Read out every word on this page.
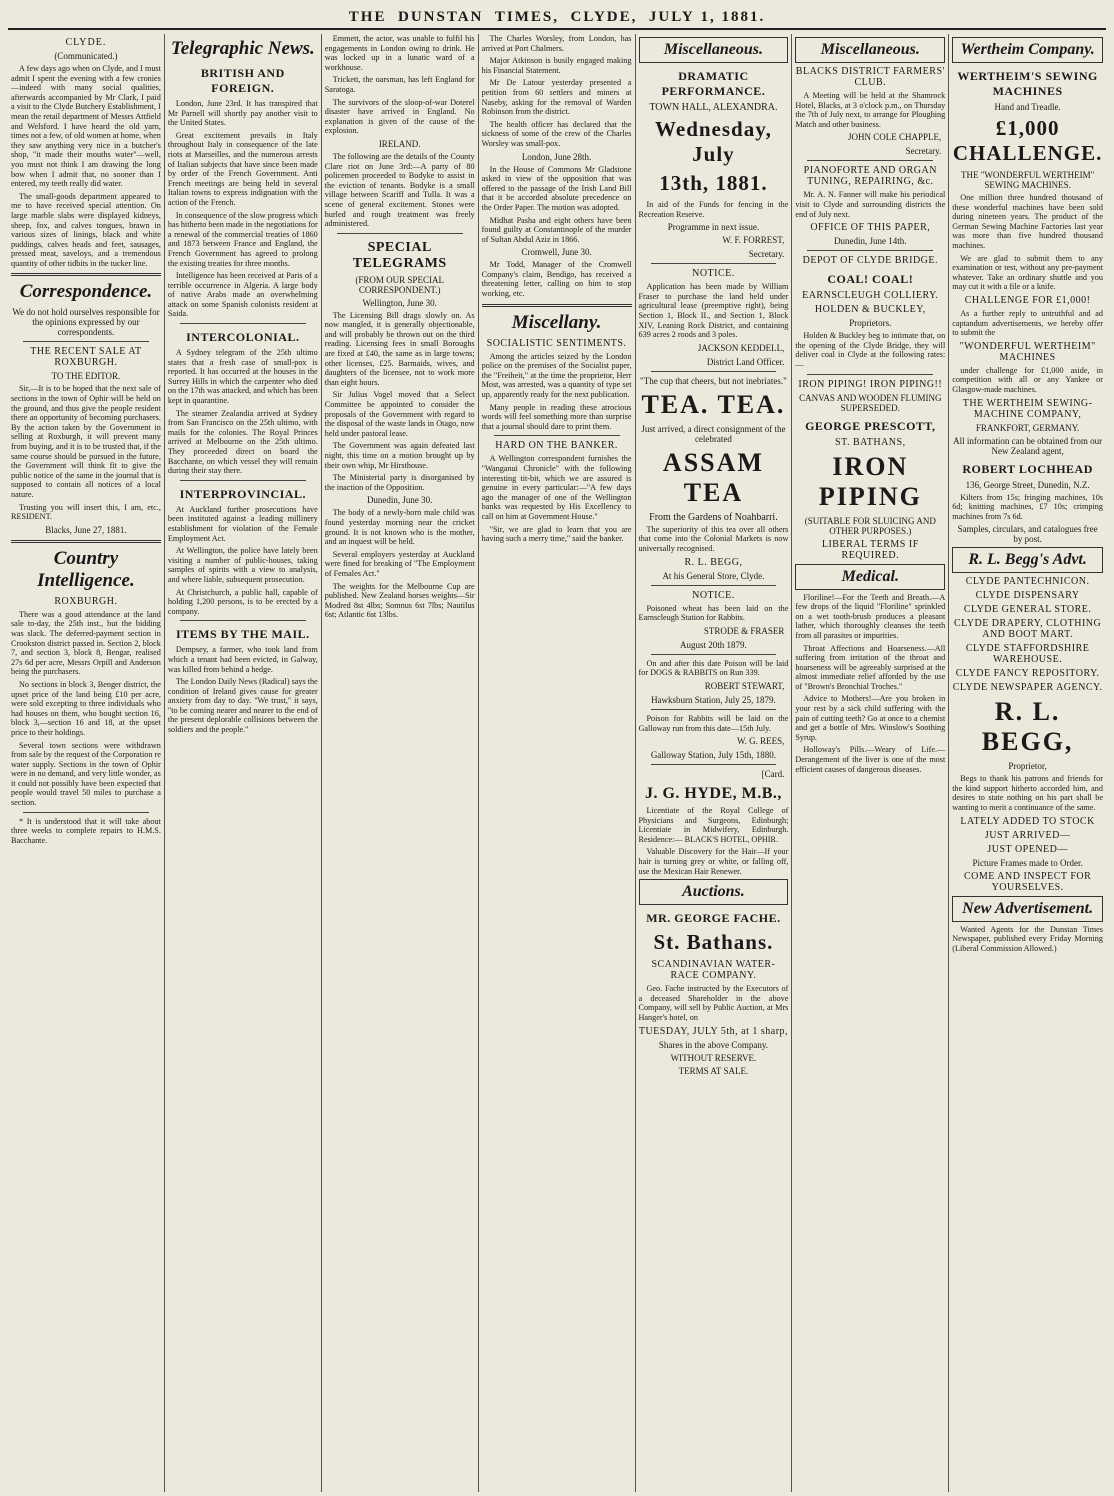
THE
DUNSTAN
TIMES,
CLYDE,
JULY
1,
1881.
CLYDE.
(Communicated.)

A few days ago when on Clyde, and I must admit I spent the evening with a few cronies—indeed with many social qualities, afterwards accompanied by Mr Clark, I paid a visit to the Clyde Butchery Establishment, I mean the retail department of Messrs Attfield and Welsford. I have heard the old yarn, times not a few, of old women at home, when they saw anything very nice in a butcher's shop, "it made their mouths water"—well, you must not think I am drawing the long bow when I admit that, no sooner than I entered, my teeth really did water.

The small-goods department appeared to me to have received special attention. On large marble slabs were displayed kidneys, sheep, fox, and calves tongues, brawn in various sizes of linings, black and white puddings, calves heads and feet, sausages, pressed meat, saveloys, and a tremendous quantity of other tidbits in the tucker line.

Correspondence.
We do not hold ourselves responsible for the opinions expressed by our correspondents.
THE RECENT SALE AT ROXBURGH.
TO THE EDITOR.

Sir,—It is to be hoped that the next sale of sections in the town of Ophir will be held on the ground, and thus give the people resident there an opportunity of becoming purchasers. By the action taken by the Government in selling at Roxburgh, it will prevent many from buying, and it is to be trusted that, if the same course should be pursued in the future, the Government will think fit to give the public notice of the same in the journal that is supposed to contain all notices of a local nature.

Trusting you will insert this, I am, etc., RESIDENT.

Blacks, June 27, 1881.
Country Intelligence.
ROXBURGH.

There was a good attendance at the land sale to-day, the 25th inst., but the bidding was slack. The deferred-payment section in Crookston district passed in. Section 2, block 7, and section 3, block 8, Bengar, realised 27s 6d per acre, Messrs Orpill and Anderson being the purchasers.

No sections in block 3, Benger district, the upset price of the land being £10 per acre, were sold excepting to three individuals who had houses on them, who bought section 16, block 3,—section 16 and 18, at the upset price to their holdings.

Several town sections were withdrawn from sale by the request of the Corporation re water supply. Sections in the town of Ophir were in no demand, and very little wonder, as it could not possibly have been expected that people would travel 50 miles to purchase a section.

* It is understood that it will take about three weeks to complete repairs to H.M.S. Bacchante.

Telegraphic News.
BRITISH AND FOREIGN.

London, June 23rd. It has transpired that Mr Parnell will shortly pay another visit to the United States.

Great excitement prevails in Italy throughout Italy in consequence of the late riots at Marseilles, and the numerous arrests of Italian subjects that have since been made by order of the French Government. Anti French meetings are being held in several Italian towns to express indignation with the action of the French.

In consequence of the slow progress which has hitherto been made in the negotiations for a renewal of the commercial treaties of 1860 and 1873 between France and England, the French Government has agreed to prolong the existing treaties for three months.

Intelligence has been received at Paris of a terrible occurrence in Algeria. A large body of native Arabs made an overwhelming attack on some Spanish colonists resident at Saida.

INTERCOLONIAL.

A Sydney telegram of the 25th ultimo states that a fresh case of small-pox is reported. It has occurred at the houses in the Surrey Hills in which the carpenter who died on the 17th was attacked, and which has been kept in quarantine.

The steamer Zealandia arrived at Sydney from San Francisco on the 25th ultimo, with mails for the colonies. The Royal Princes arrived at Melbourne on the 25th ultimo. They proceeded direct on board the Bacchante, on which vessel they will remain during their stay there.

INTERPROVINCIAL.

At Auckland further prosecutions have been instituted against a leading millinery establishment for violation of the Female Employment Act.

At Wellington, the police have lately been visiting a number of public-houses, taking samples of spirits with a view to analysis, and where liable, subsequent prosecution.

At Christchurch, a public hall, capable of holding 1,200 persons, is to be erected by a company.

ITEMS BY THE MAIL.

Dempsey, a farmer, who took land from which a tenant had been evicted, in Galway, was killed from behind a hedge.

The London Daily News (Radical) says the condition of Ireland gives cause for greater anxiety from day to day. "We trust," it says, "to be coming nearer and nearer to the end of the present deplorable collisions between the soldiers and the people."

Emmett, the actor, was unable to fulfil his engagements in London owing to drink. He was locked up in a lunatic ward of a workhouse.

Trickett, the oarsman, has left England for Saratoga.

The survivors of the sloop-of-war Doterel disaster have arrived in England. No explanation is given of the cause of the explosion.

IRELAND.

The following are the details of the County Clare riot on June 3rd:—A party of 80 policemen proceeded to Bodyke to assist in the eviction of tenants. Bodyke is a small village between Scariff and Tulla. It was a scene of general excitement. Stones were hurled and rough treatment was freely administered.

SPECIAL TELEGRAMS
(FROM OUR SPECIAL CORRESPONDENT.)
Wellington, June 30.

The Licensing Bill drags slowly on. As now mangled, it is generally objectionable, and will probably be thrown out on the third reading. Licensing fees in small Boroughs are fixed at £40, the same as in large towns; other licenses, £25. Barmaids, wives, and daughters of the licensee, not to work more than eight hours.

Sir Julius Vogel moved that a Select Committee be appointed to consider the proposals of the Government with regard to the disposal of the waste lands in Otago, now held under pastoral lease.

The Government was again defeated last night, this time on a motion brought up by their own whip, Mr Hirsthouse.

The Ministerial party is disorganised by the inaction of the Opposition.

Dunedin, June 30.

The body of a newly-born male child was found yesterday morning near the cricket ground. It is not known who is the mother, and an inquest will be held.

Several employers yesterday at Auckland were fined for breaking of "The Employment of Females Act."

The weights for the Melbourne Cup are published. New Zealand horses weights—Sir Modred 8st 4lbs; Somnus 6st 7lbs; Nautilus 6st; Atlantic 6st 13lbs.

The Charles Worsley, from London, has arrived at Port Chalmers.

Major Atkinson is busily engaged making his Financial Statement.

Mr De Latour yesterday presented a petition from 60 settlers and miners at Naseby, asking for the removal of Warden Robinson from the district.

The health officer has declared that the sickness of some of the crew of the Charles Worsley was small-pox.

London, June 28th.

In the House of Commons Mr Gladstone asked in view of the opposition that was offered to the passage of the Irish Land Bill that it be accorded absolute precedence on the Order Paper. The motion was adopted.

Midhat Pasha and eight others have been found guilty at Constantinople of the murder of Sultan Abdul Aziz in 1866.

Cromwell, June 30.

Mr Todd, Manager of the Cromwell Company's claim, Bendigo, has received a threatening letter, calling on him to stop working, etc.

Miscellany.
SOCIALISTIC SENTIMENTS.

Among the articles seized by the London police on the premises of the Socialist paper, the "Freiheit," at the time the proprietor, Herr Most, was arrested, was a quantity of type set up, apparently ready for the next publication.

Many people in reading these atrocious words will feel something more than surprise that a journal should dare to print them.

HARD ON THE BANKER.

A Wellington correspondent furnishes the "Wanganui Chronicle" with the following interesting tit-bit, which we are assured is genuine in every particular:—"A few days ago the manager of one of the Wellington banks was requested by His Excellency to call on him at Government House."

"Sir, we are glad to learn that you are having such a merry time," said the banker.

Miscellaneous.
DRAMATIC PERFORMANCE.
TOWN HALL, ALEXANDRA.
Wednesday, July
13th, 1881.

In aid of the Funds for fencing in the Recreation Reserve.

Programme in next issue.
W. F. FORREST,
Secretary.
NOTICE.

Application has been made by William Fraser to purchase the land held under agricultural lease (preemptive right), being Section 1, Block II., and Section 1, Block XIV, Leaning Rock District, and containing 639 acres 2 roods and 3 poles.

JACKSON KEDDELL,
District Land Officer.
"The cup that cheers, but not inebriates."
TEA. TEA.
Just arrived, a direct consignment of the celebrated
ASSAM TEA
From the Gardens of Noahbarri.

The superiority of this tea over all others that come into the Colonial Markets is now universally recognised.

R. L. BEGG,
At his General Store, Clyde.
NOTICE.

Poisoned wheat has been laid on the Earnscleugh Station for Rabbits.

STRODE & FRASER
August 20th 1879.

On and after this date Poison will be laid for DOGS & RABBITS on Run 339.

ROBERT STEWART,
Hawksburn Station, July 25, 1879.

Poison for Rabbits will be laid on the Galloway run from this date—15th July.

W. G. REES,
Galloway Station, July 15th, 1880.
[Card.
J. G. HYDE, M.B.,

Licentiate of the Royal College of Physicians and Surgeons, Edinburgh; Licentiate in Midwifery, Edinburgh. Residence:— BLACK'S HOTEL, OPHIR.

Valuable Discovery for the Hair—If your hair is turning grey or white, or falling off, use the Mexican Hair Renewer.

Auctions.
MR. GEORGE FACHE.
St. Bathans.
SCANDINAVIAN WATER-RACE COMPANY.

Geo. Fache instructed by the Executors of a deceased Shareholder in the above Company, will sell by Public Auction, at Mrs Hanger's hotel, on

TUESDAY, JULY 5th, at 1 sharp,
Shares in the above Company.
WITHOUT RESERVE.
TERMS AT SALE.
Miscellaneous.
BLACKS DISTRICT FARMERS' CLUB.

A Meeting will be held at the Shamrock Hotel, Blacks, at 3 o'clock p.m., on Thursday the 7th of July next, to arrange for Ploughing Match and other business.

JOHN COLE CHAPPLE,
Secretary.
PIANOFORTE AND ORGAN TUNING, REPAIRING, &c.

Mr. A. N. Fanner will make his periodical visit to Clyde and surrounding districts the end of July next.

OFFICE OF THIS PAPER,
Dunedin, June 14th.
DEPOT OF CLYDE BRIDGE.
COAL! COAL!
EARNSCLEUGH COLLIERY.
HOLDEN & BUCKLEY,
Proprietors.

Holden & Buckley beg to intimate that, on the opening of the Clyde Bridge, they will deliver coal in Clyde at the following rates:—

IRON PIPING! IRON PIPING!!
CANVAS AND WOODEN FLUMING SUPERSEDED.
GEORGE PRESCOTT,
ST. BATHANS,
IRON PIPING
(SUITABLE FOR SLUICING AND OTHER PURPOSES.)
LIBERAL TERMS IF REQUIRED.
Medical.

Floriline!—For the Teeth and Breath.—A few drops of the liquid "Floriline" sprinkled on a wet tooth-brush produces a pleasant lather, which thoroughly cleanses the teeth from all parasites or impurities.

Throat Affections and Hoarseness.—All suffering from irritation of the throat and hoarseness will be agreeably surprised at the almost immediate relief afforded by the use of "Brown's Bronchial Troches."

Advice to Mothers!—Are you broken in your rest by a sick child suffering with the pain of cutting teeth? Go at once to a chemist and get a bottle of Mrs. Winslow's Soothing Syrup.

Holloway's Pills.—Weary of Life.—Derangement of the liver is one of the most efficient causes of dangerous diseases.

Wertheim Company.
WERTHEIM'S SEWING MACHINES
Hand and Treadle.
£1,000 CHALLENGE.
THE "WONDERFUL WERTHEIM" SEWING MACHINES.

One million three hundred thousand of these wonderful machines have been sold during nineteen years. The product of the German Sewing Machine Factories last year was more than five hundred thousand machines.

We are glad to submit them to any examination or test, without any pre-payment whatever. Take an ordinary shuttle and you may cut it with a file or a knife.

CHALLENGE FOR £1,000!

As a further reply to untruthful and ad captandum advertisements, we hereby offer to submit the

"WONDERFUL WERTHEIM" MACHINES

under challenge for £1,000 aside, in competition with all or any Yankee or Glasgow-made machines.

THE WERTHEIM SEWING-MACHINE COMPANY,
FRANKFORT, GERMANY.
All information can be obtained from our New Zealand agent,
ROBERT LOCHHEAD
136, George Street, Dunedin, N.Z.

Kilters from 15s; fringing machines, 10s 6d; knitting machines, £7 10s; crimping machines from 7s 6d.

Samples, circulars, and catalogues free by post.
R. L. Begg's Advt.
CLYDE PANTECHNICON.
CLYDE DISPENSARY
CLYDE GENERAL STORE.
CLYDE DRAPERY, CLOTHING AND BOOT MART.
CLYDE STAFFORDSHIRE WAREHOUSE.
CLYDE FANCY REPOSITORY.
CLYDE NEWSPAPER AGENCY.
R. L. BEGG,
Proprietor,

Begs to thank his patrons and friends for the kind support hitherto accorded him, and desires to state nothing on his part shall be wanting to merit a continuance of the same.

LATELY ADDED TO STOCK
JUST ARRIVED—
JUST OPENED—
Picture Frames made to Order.
COME AND INSPECT FOR YOURSELVES.
New Advertisement.

Wanted Agents for the Dunstan Times Newspaper, published every Friday Morning (Liberal Commission Allowed.)
